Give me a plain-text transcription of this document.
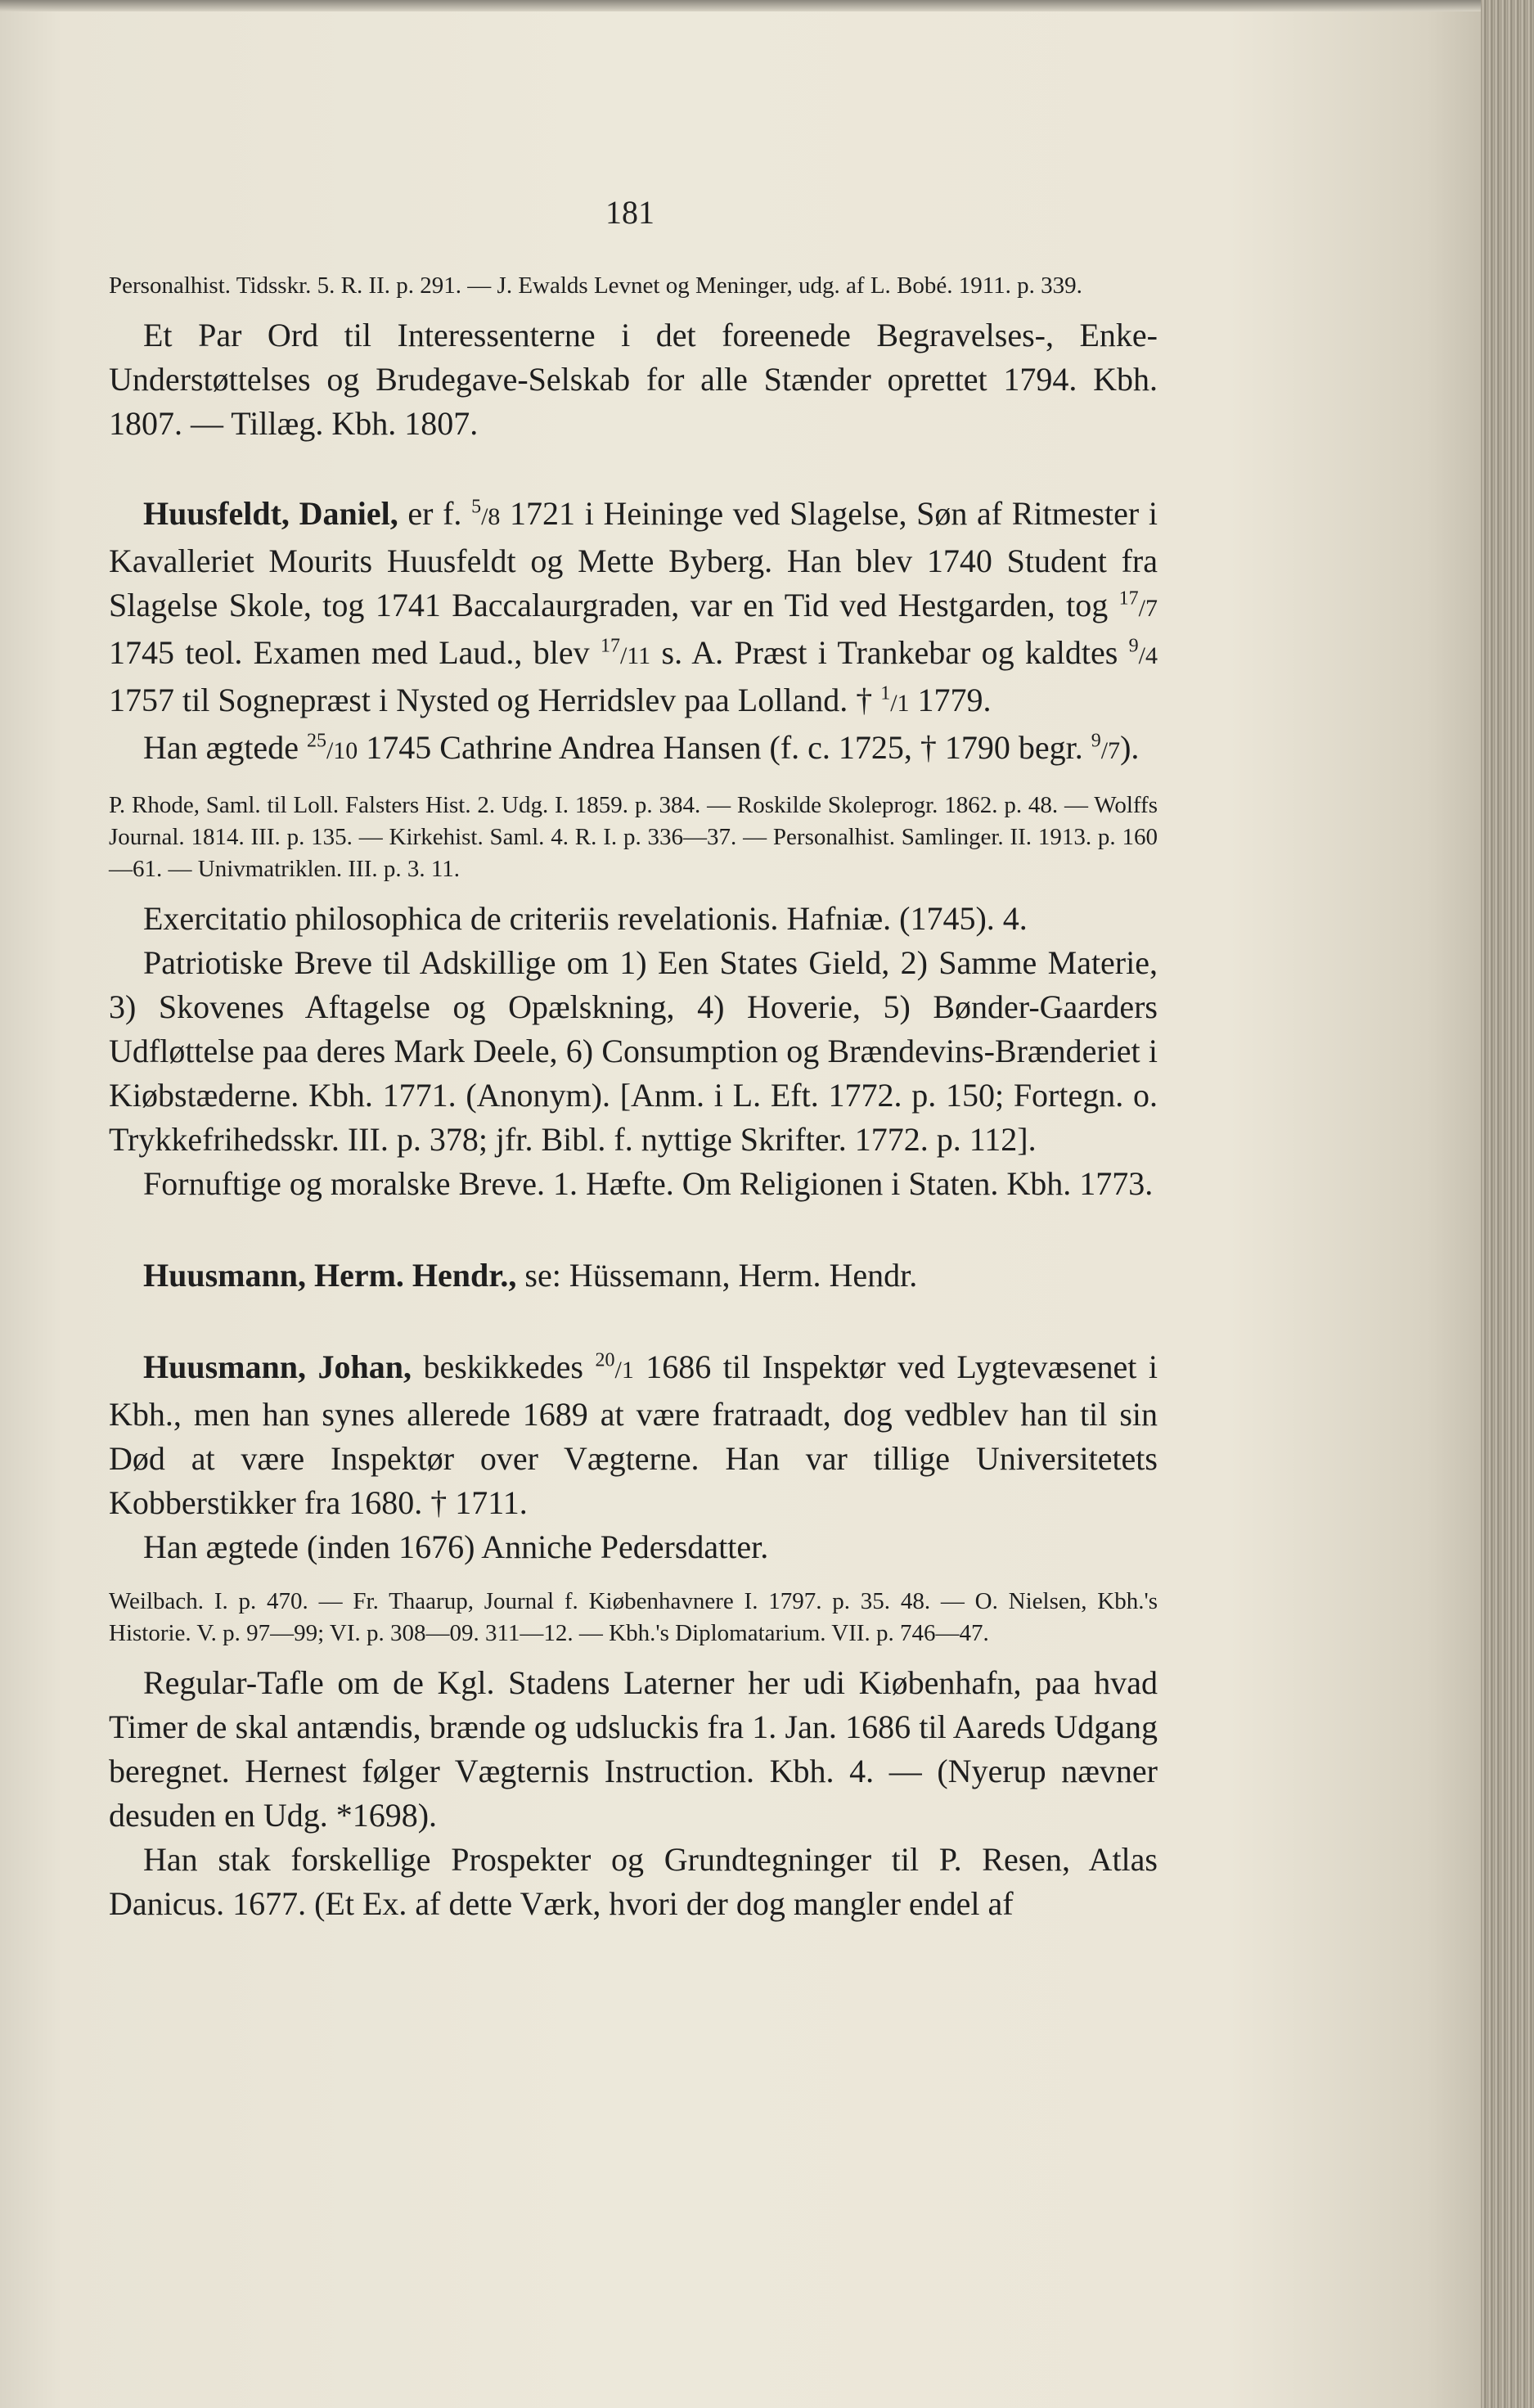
181

Personalhist. Tidsskr. 5. R. II. p. 291. — J. Ewalds Levnet og Meninger, udg. af L. Bobé. 1911. p. 339.

Et Par Ord til Interessenterne i det foreenede Begravelses-, Enke-Understøttelses og Brudegave-Selskab for alle Stænder oprettet 1794. Kbh. 1807. — Tillæg. Kbh. 1807.

Huusfeldt, Daniel, er f. $^5$/8 1721 i Heininge ved Slagelse, Søn af Ritmester i Kavalleriet Mourits Huusfeldt og Mette Byberg. Han blev 1740 Student fra Slagelse Skole, tog 1741 Baccalaurgraden, var en Tid ved Hestgarden, tog $^{17}$/7 1745 teol. Examen med Laud., blev $^{17}$/11 s. A. Præst i Trankebar og kaldtes $^9$/4 1757 til Sognepræst i Nysted og Herridslev paa Lolland. † $^1$/1 1779.

Han ægtede $^{25}$/10 1745 Cathrine Andrea Hansen (f. c. 1725, † 1790 begr. $^9$/7).

P. Rhode, Saml. til Loll. Falsters Hist. 2. Udg. I. 1859. p. 384. — Roskilde Skoleprogr. 1862. p. 48. — Wolffs Journal. 1814. III. p. 135. — Kirkehist. Saml. 4. R. I. p. 336—37. — Personalhist. Samlinger. II. 1913. p. 160—61. — Univmatriklen. III. p. 3. 11.

Exercitatio philosophica de criteriis revelationis. Hafniæ. (1745). 4.

Patriotiske Breve til Adskillige om 1) Een States Gield, 2) Samme Materie, 3) Skovenes Aftagelse og Opælskning, 4) Hoverie, 5) Bønder-Gaarders Udfløttelse paa deres Mark Deele, 6) Consumption og Brændevins-Brænderiet i Kiøbstæderne. Kbh. 1771. (Anonym). [Anm. i L. Eft. 1772. p. 150; Fortegn. o. Trykkefrihedsskr. III. p. 378; jfr. Bibl. f. nyttige Skrifter. 1772. p. 112].

Fornuftige og moralske Breve. 1. Hæfte. Om Religionen i Staten. Kbh. 1773.

Huusmann, Herm. Hendr., se: Hüssemann, Herm. Hendr.

Huusmann, Johan, beskikkedes $^{20}$/1 1686 til Inspektør ved Lygtevæsenet i Kbh., men han synes allerede 1689 at være fratraadt, dog vedblev han til sin Død at være Inspektør over Vægterne. Han var tillige Universitetets Kobberstikker fra 1680. † 1711.

Han ægtede (inden 1676) Anniche Pedersdatter.

Weilbach. I. p. 470. — Fr. Thaarup, Journal f. Kiøbenhavnere I. 1797. p. 35. 48. — O. Nielsen, Kbh.'s Historie. V. p. 97—99; VI. p. 308—09. 311—12. — Kbh.'s Diplomatarium. VII. p. 746—47.

Regular-Tafle om de Kgl. Stadens Laterner her udi Kiøbenhafn, paa hvad Timer de skal antændis, brænde og udsluckis fra 1. Jan. 1686 til Aareds Udgang beregnet. Hernest følger Vægternis Instruction. Kbh. 4. — (Nyerup nævner desuden en Udg. *1698).

Han stak forskellige Prospekter og Grundtegninger til P. Resen, Atlas Danicus. 1677. (Et Ex. af dette Værk, hvori der dog mangler endel af
